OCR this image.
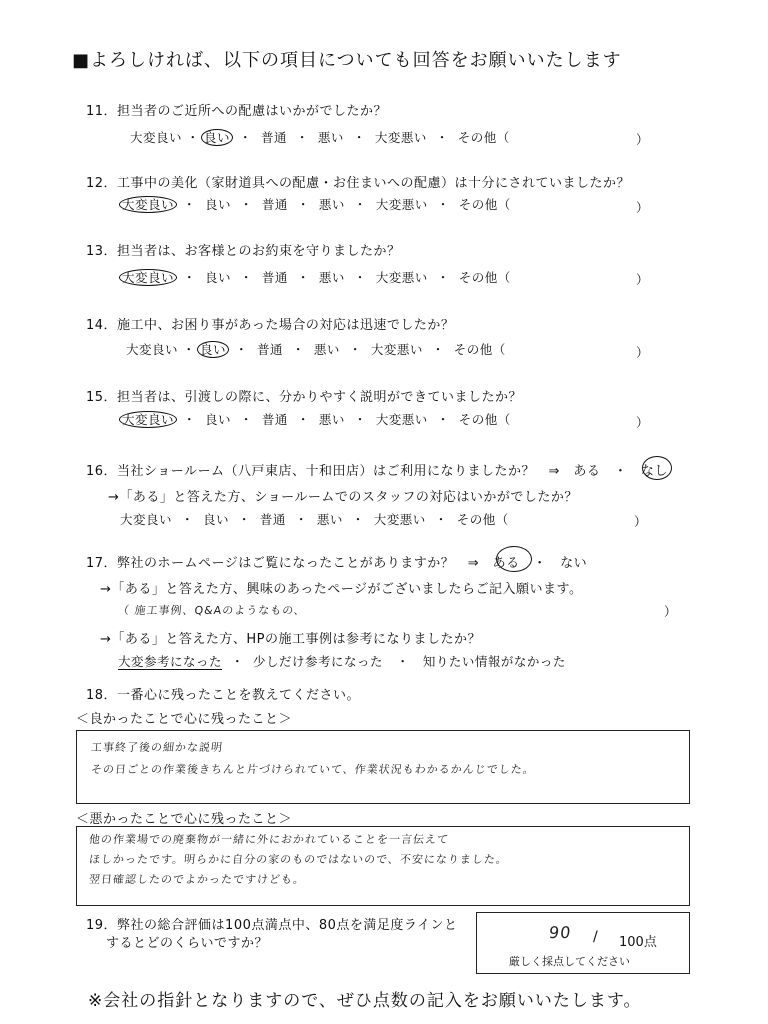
■よろしければ、以下の項目についても回答をお願いいたします
11．担当者のご近所への配慮はいかがでしたか？
大変良い ・ 良い ・ 普通 ・ 悪い ・ 大変悪い ・ その他（	）
12．工事中の美化（家財道具への配慮・お住まいへの配慮）は十分にされていましたか？
大変良い ・ 良い ・ 普通 ・ 悪い ・ 大変悪い ・ その他（	）
13．担当者は、お客様とのお約束を守りましたか？
大変良い ・ 良い ・ 普通 ・ 悪い ・ 大変悪い ・ その他（	）
14．施工中、お困り事があった場合の対応は迅速でしたか？
大変良い ・ 良い ・ 普通 ・ 悪い ・ 大変悪い ・ その他（	）
15．担当者は、引渡しの際に、分かりやすく説明ができていましたか？
大変良い ・ 良い ・ 普通 ・ 悪い ・ 大変悪い ・ その他（	）
16．当社ショールーム（八戸東店、十和田店）はご利用になりましたか？　⇒　ある　・　なし
→「ある」と答えた方、ショールームでのスタッフの対応はいかがでしたか？
大変良い ・ 良い ・ 普通 ・ 悪い ・ 大変悪い ・ その他（	）
17．弊社のホームページはご覧になったことがありますか？　⇒　ある　・　ない
→「ある」と答えた方、興味のあったページがございましたらご記入願います。
（ 施工事例、Q&Aのようなもの、	）
→「ある」と答えた方、HPの施工事例は参考になりましたか？
大変参考になった ・ 少しだけ参考になった ・ 知りたい情報がなかった
18．一番心に残ったことを教えてください。
＜良かったことで心に残ったこと＞
工事終了後の細かな説明
その日ごとの作業後きちんと片づけられていて、作業状況もわかるかんじでした。
＜悪かったことで心に残ったこと＞
他の作業場での廃棄物が一緒に外におかれていることを一言伝えて
ほしかったです。明らかに自分の家のものではないので、不安になりました。
翌日確認したのでよかったですけども。
19．弊社の総合評価は100点満点中、80点を満足度ラインと
するとどのくらいですか？
90 / 100点
厳しく採点してください
※会社の指針となりますので、ぜひ点数の記入をお願いいたします。
